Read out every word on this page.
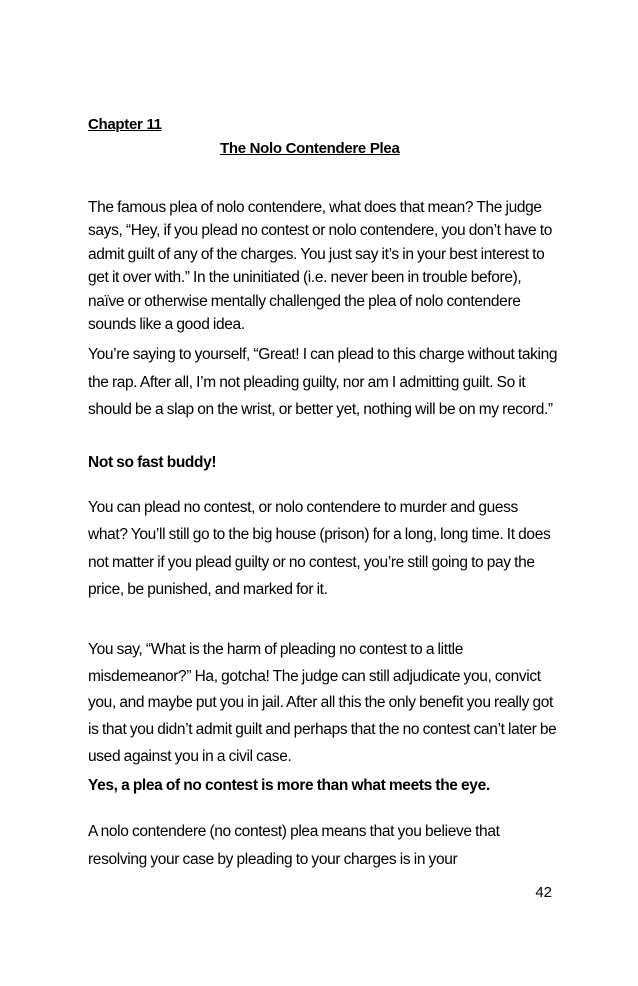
Chapter 11
The Nolo Contendere Plea
The famous plea of nolo contendere, what does that mean? The judge says, “Hey, if you plead no contest or nolo contendere, you don’t have to admit guilt of any of the charges. You just say it’s in your best interest to get it over with.” In the uninitiated (i.e. never been in trouble before), naïve or otherwise mentally challenged the plea of nolo contendere sounds like a good idea.
You’re saying to yourself, “Great! I can plead to this charge without taking the rap. After all, I’m not pleading guilty, nor am I admitting guilt. So it should be a slap on the wrist, or better yet, nothing will be on my record.”
Not so fast buddy!
You can plead no contest, or nolo contendere to murder and guess what? You’ll still go to the big house (prison) for a long, long time. It does not matter if you plead guilty or no contest, you’re still going to pay the price, be punished, and marked for it.
You say, “What is the harm of pleading no contest to a little misdemeanor?” Ha, gotcha! The judge can still adjudicate you, convict you, and maybe put you in jail. After all this the only benefit you really got is that you didn’t admit guilt and perhaps that the no contest can’t later be used against you in a civil case.
Yes, a plea of no contest is more than what meets the eye.
A nolo contendere (no contest) plea means that you believe that resolving your case by pleading to your charges is in your
42
